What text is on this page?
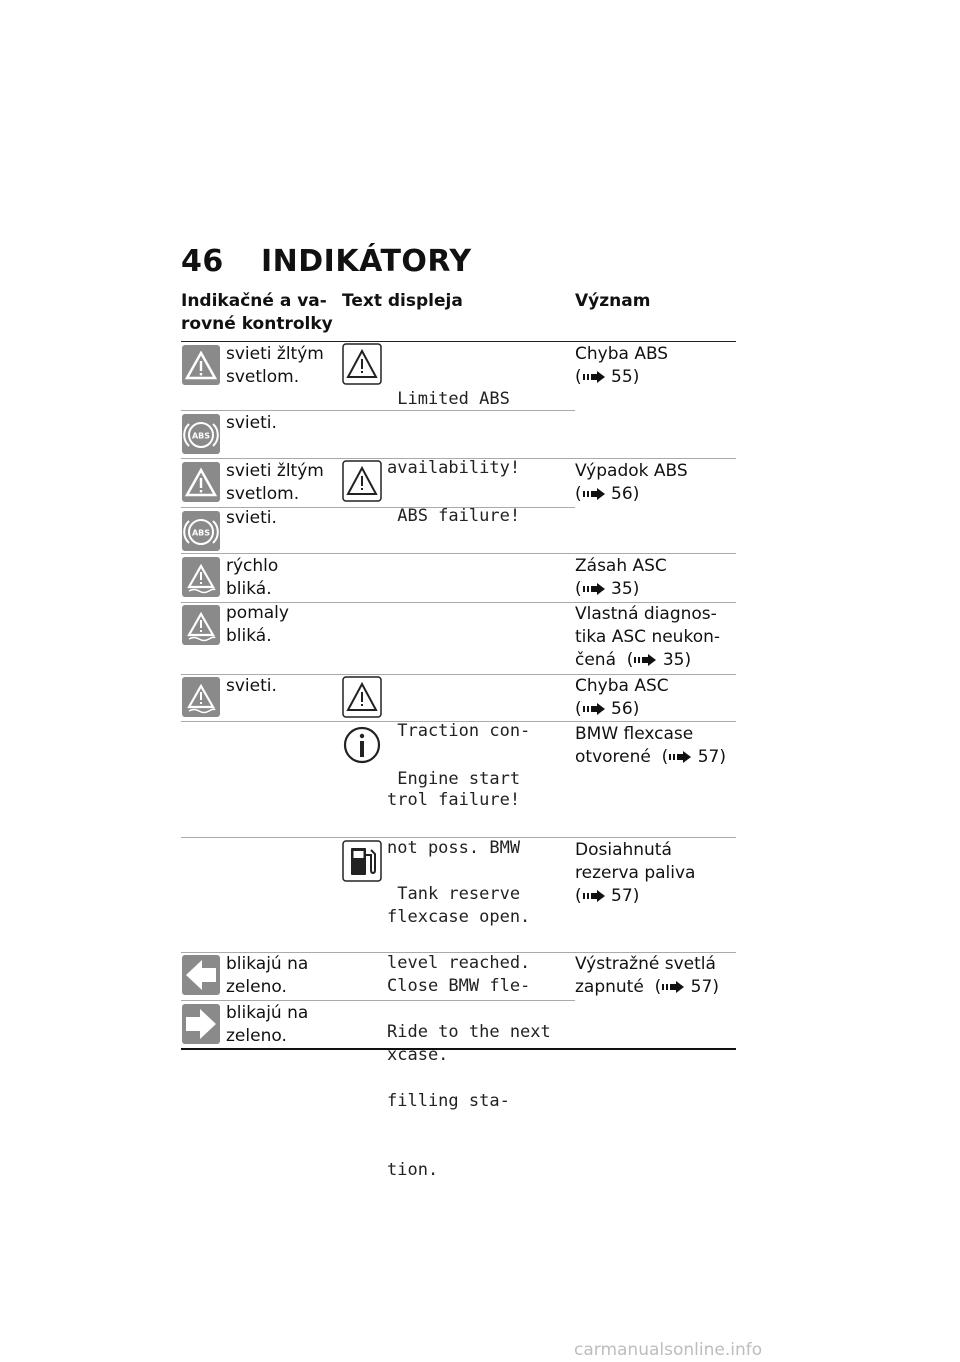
46 INDIKÁTORY
Indikačné a va-
rovné kontrolky
Text displeja	Význam
svieti žltým
svetlom.

Limited ABS

availability!

Chyba ABS
( 55)
ABS
svieti.
svieti žltým
svetlom.

ABS failure!

Výpadok ABS
( 56)
ABS
svieti.
rýchlo
bliká.
Zásah ASC
( 35)
pomaly
bliká.
Vlastná diagnos-
tika ASC neukon-
čená  ( 35)
svieti.

Traction con-

trol failure!

Chyba ASC
( 56)

Engine start

not poss. BMW

flexcase open.

Close BMW fle-

xcase.

BMW flexcase
otvorené  ( 57)

Tank reserve

level reached.

Ride to the next

filling sta-

tion.

Dosiahnutá
rezerva paliva
( 57)
blikajú na
zeleno.
Výstražné svetlá
zapnuté  ( 57)
blikajú na
zeleno.
carmanualsonline.info
